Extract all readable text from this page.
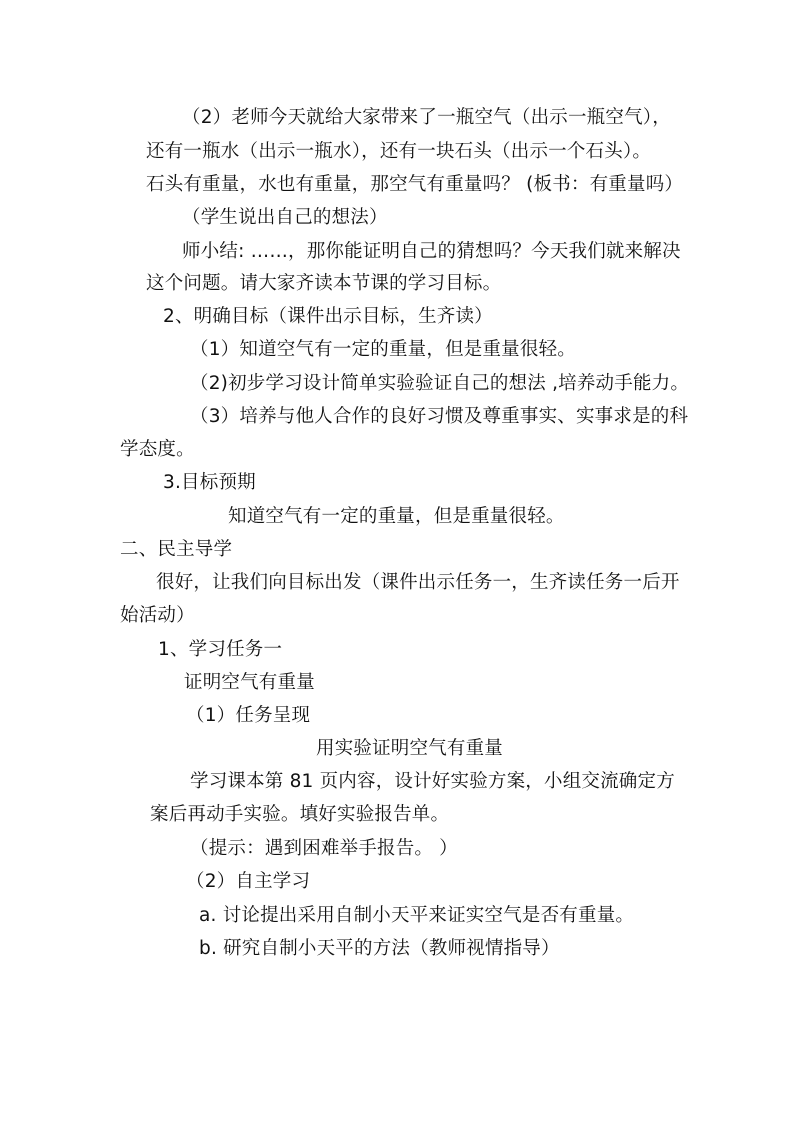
（2）老师今天就给大家带来了一瓶空气（出示一瓶空气），
还有一瓶水（出示一瓶水），还有一块石头（出示一个石头）。
石头有重量，水也有重量，那空气有重量吗？ (板书：有重量吗）
（学生说出自己的想法）
师小结: ……，那你能证明自己的猜想吗？今天我们就来解决
这个问题。请大家齐读本节课的学习目标。
2、明确目标（课件出示目标，生齐读）
（1）知道空气有一定的重量，但是重量很轻。
（2)初步学习设计简单实验验证自己的想法 ,培养动手能力。
（3）培养与他人合作的良好习惯及尊重事实、实事求是的科
学态度。
3.目标预期
知道空气有一定的重量，但是重量很轻。
二、民主导学
很好，让我们向目标出发（课件出示任务一，生齐读任务一后开
始活动）
1、学习任务一
证明空气有重量
（1）任务呈现
用实验证明空气有重量
学习课本第 81 页内容，设计好实验方案，小组交流确定方
案后再动手实验。填好实验报告单。
（提示：遇到困难举手报告。 ）
（2）自主学习
a. 讨论提出采用自制小天平来证实空气是否有重量。
b. 研究自制小天平的方法（教师视情指导）
